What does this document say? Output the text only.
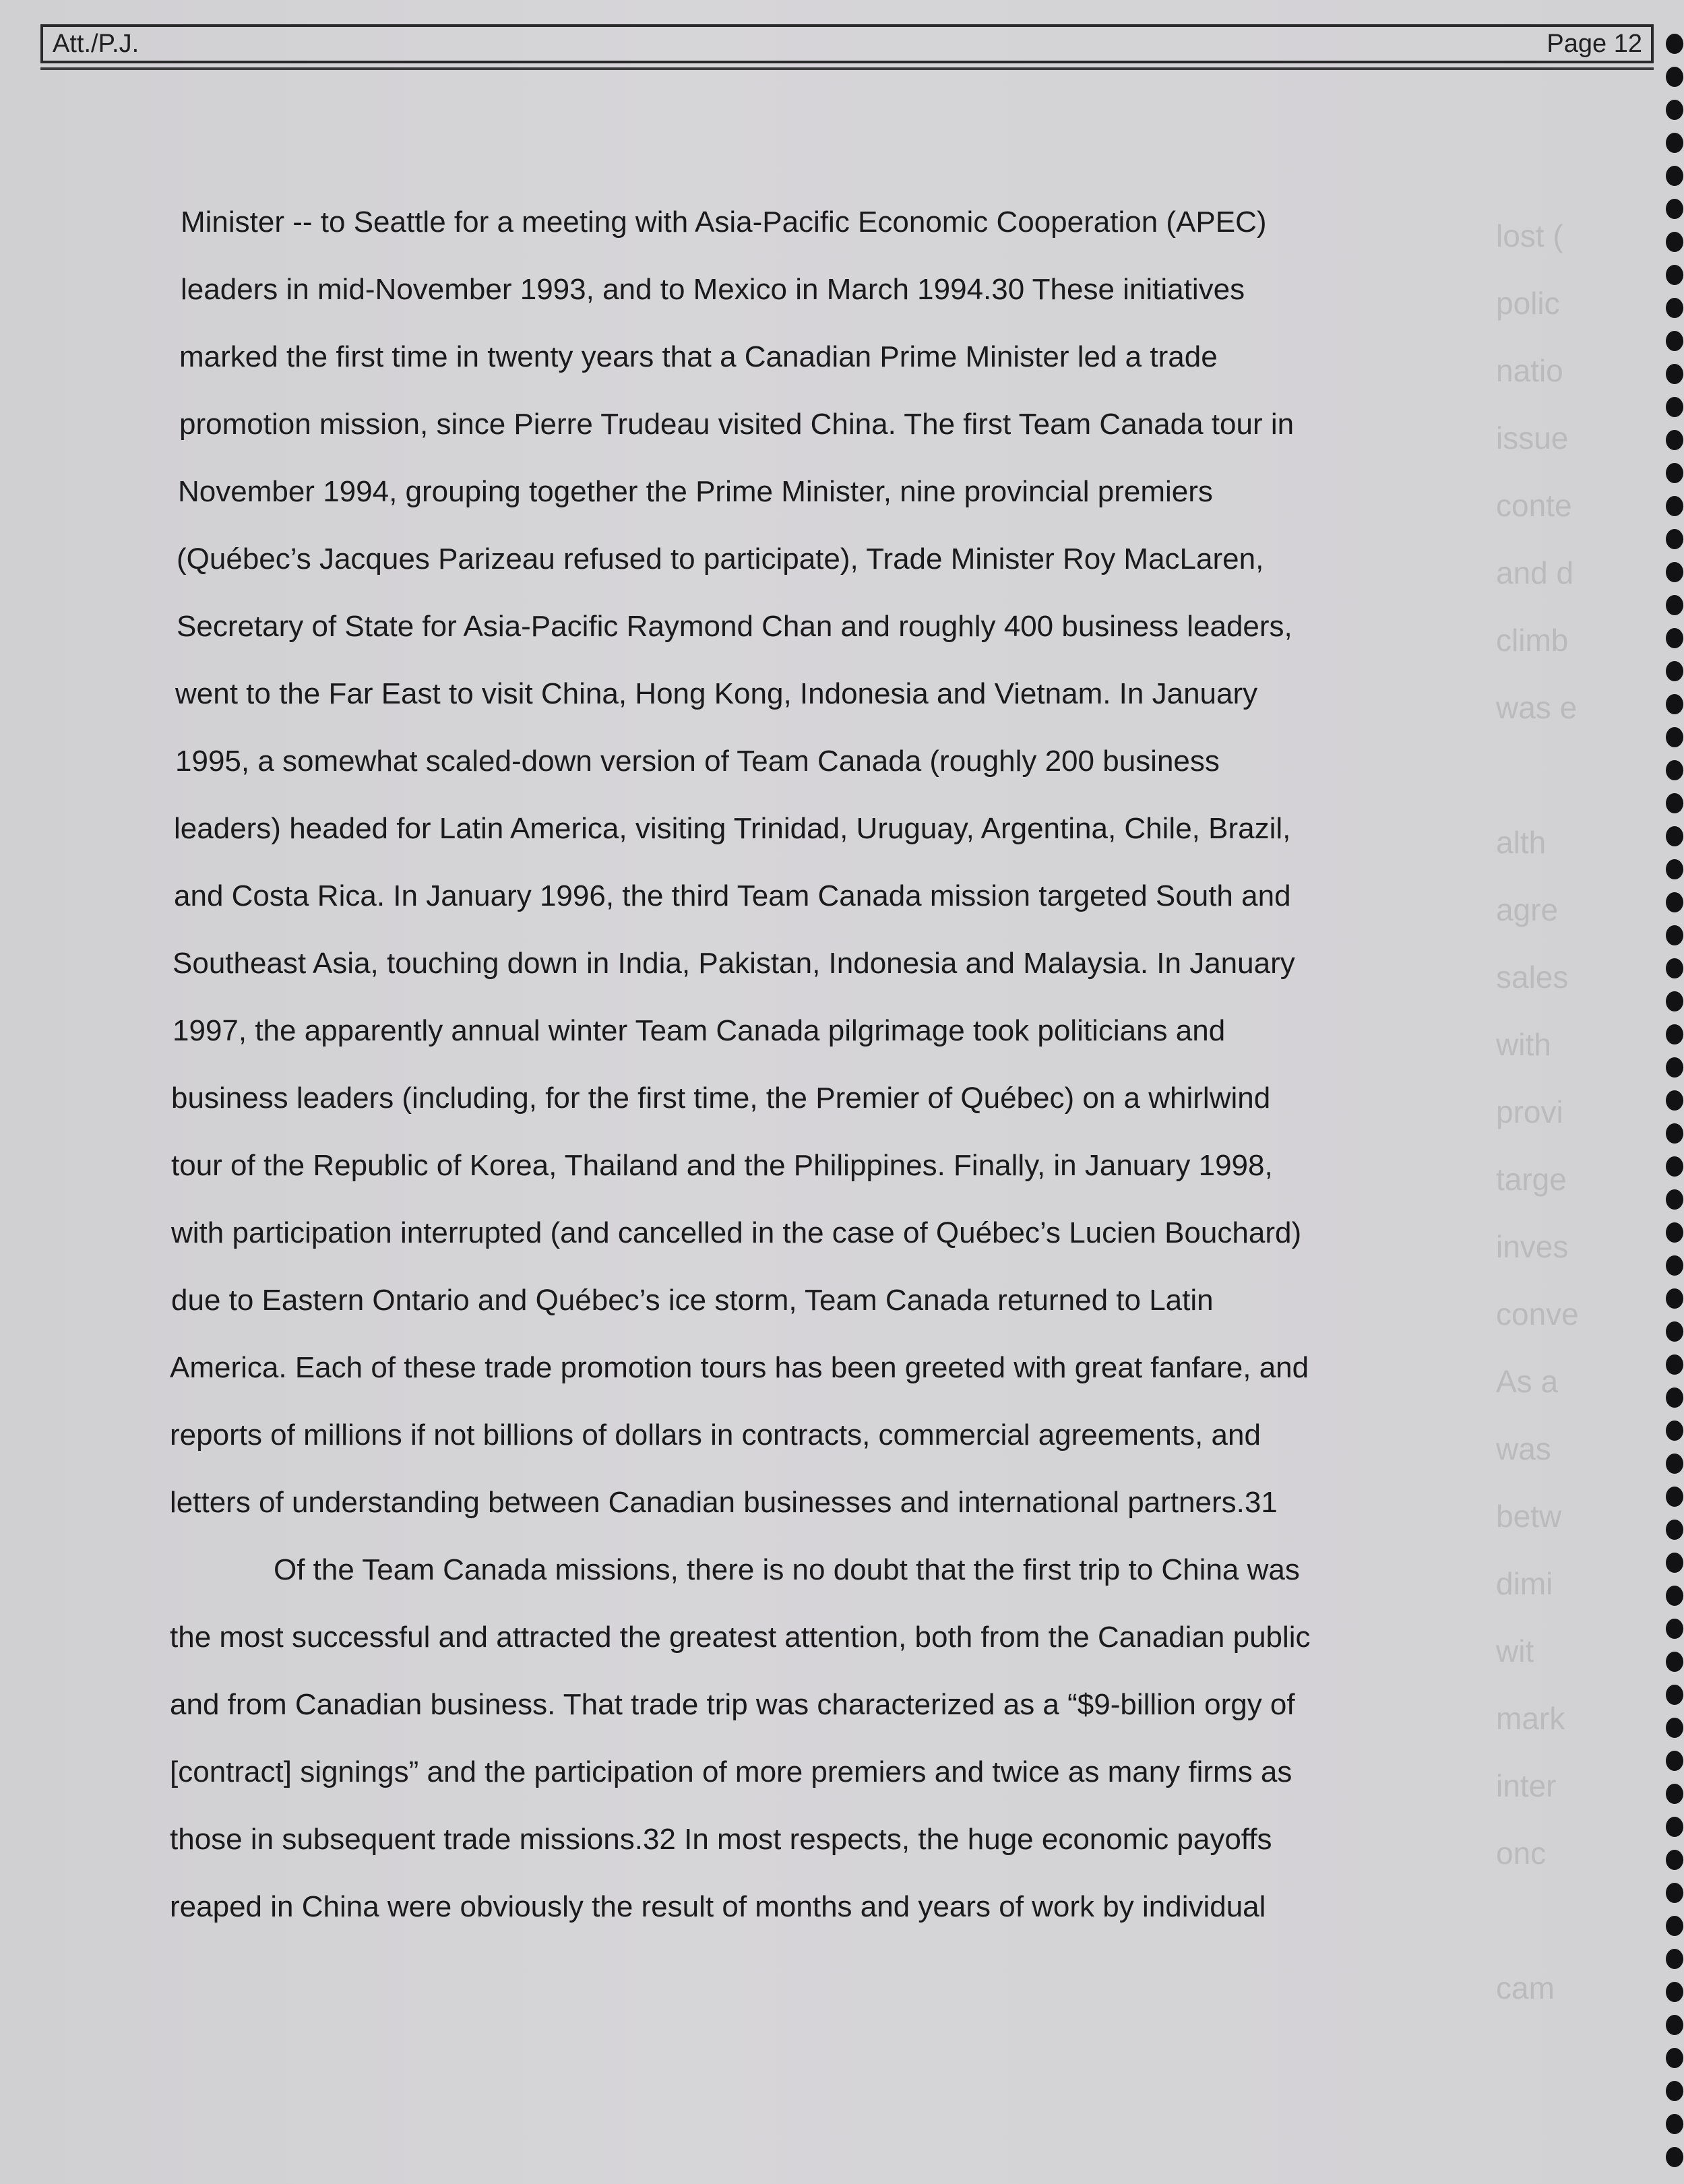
lost (
polic
natio
issue
conte
and d
climb
was e
alth
agre
sales
with
provi
targe
inves
conve
As a
was
betw
dimi
wit
mark
inter
onc
cam
Att./P.J.	Page 12
Minister -- to Seattle for a meeting with Asia-Pacific Economic Cooperation (APEC)
leaders in mid-November 1993, and to Mexico in March 1994.30 These initiatives
marked the first time in twenty years that a Canadian Prime Minister led a trade
promotion mission, since Pierre Trudeau visited China. The first Team Canada tour in
November 1994, grouping together the Prime Minister, nine provincial premiers
(Québec’s Jacques Parizeau refused to participate), Trade Minister Roy MacLaren,
Secretary of State for Asia-Pacific Raymond Chan and roughly 400 business leaders,
went to the Far East to visit China, Hong Kong, Indonesia and Vietnam. In January
1995, a somewhat scaled-down version of Team Canada (roughly 200 business
leaders) headed for Latin America, visiting Trinidad, Uruguay, Argentina, Chile, Brazil,
and Costa Rica. In January 1996, the third Team Canada mission targeted South and
Southeast Asia, touching down in India, Pakistan, Indonesia and Malaysia. In January
1997, the apparently annual winter Team Canada pilgrimage took politicians and
business leaders (including, for the first time, the Premier of Québec) on a whirlwind
tour of the Republic of Korea, Thailand and the Philippines. Finally, in January 1998,
with participation interrupted (and cancelled in the case of Québec’s Lucien Bouchard)
due to Eastern Ontario and Québec’s ice storm, Team Canada returned to Latin
America. Each of these trade promotion tours has been greeted with great fanfare, and
reports of millions if not billions of dollars in contracts, commercial agreements, and
letters of understanding between Canadian businesses and international partners.31
Of the Team Canada missions, there is no doubt that the first trip to China was
the most successful and attracted the greatest attention, both from the Canadian public
and from Canadian business. That trade trip was characterized as a “$9-billion orgy of
[contract] signings” and the participation of more premiers and twice as many firms as
those in subsequent trade missions.32 In most respects, the huge economic payoffs
reaped in China were obviously the result of months and years of work by individual
